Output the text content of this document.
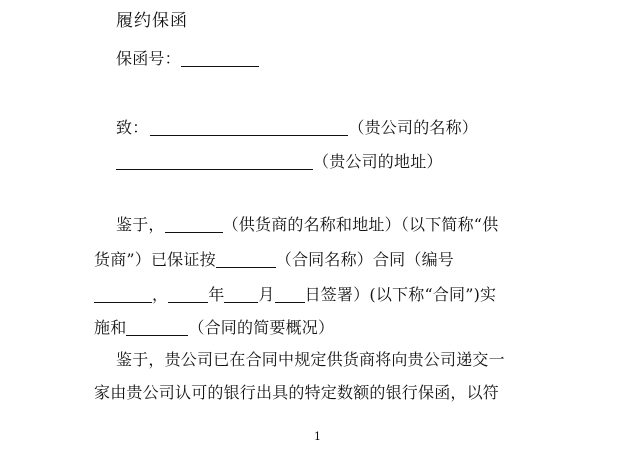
履约保函
保函号：
致：	（贵公司的名称）
（贵公司的地址）
鉴于，	（供货商的名称和地址）（以下简称“供
货商”）已保证按	（合同名称）合同（编号
，	年 月 日签署）(以下称“合同”)实
施和	（合同的简要概况）
鉴于，贵公司已在合同中规定供货商将向贵公司递交一
家由贵公司认可的银行出具的特定数额的银行保函，以符
1
